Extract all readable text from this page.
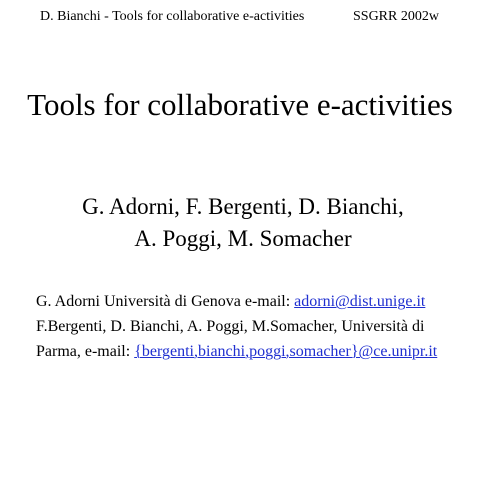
D. Bianchi - Tools for collaborative e-activities	SSGRR 2002w
Tools for collaborative e-activities
G. Adorni, F. Bergenti, D. Bianchi,
A. Poggi, M. Somacher
G. Adorni Università di Genova e-mail: adorni@dist.unige.it
F.Bergenti, D. Bianchi, A. Poggi, M.Somacher, Università di
Parma, e-mail: {bergenti,bianchi,poggi,somacher}@ce.unipr.it
